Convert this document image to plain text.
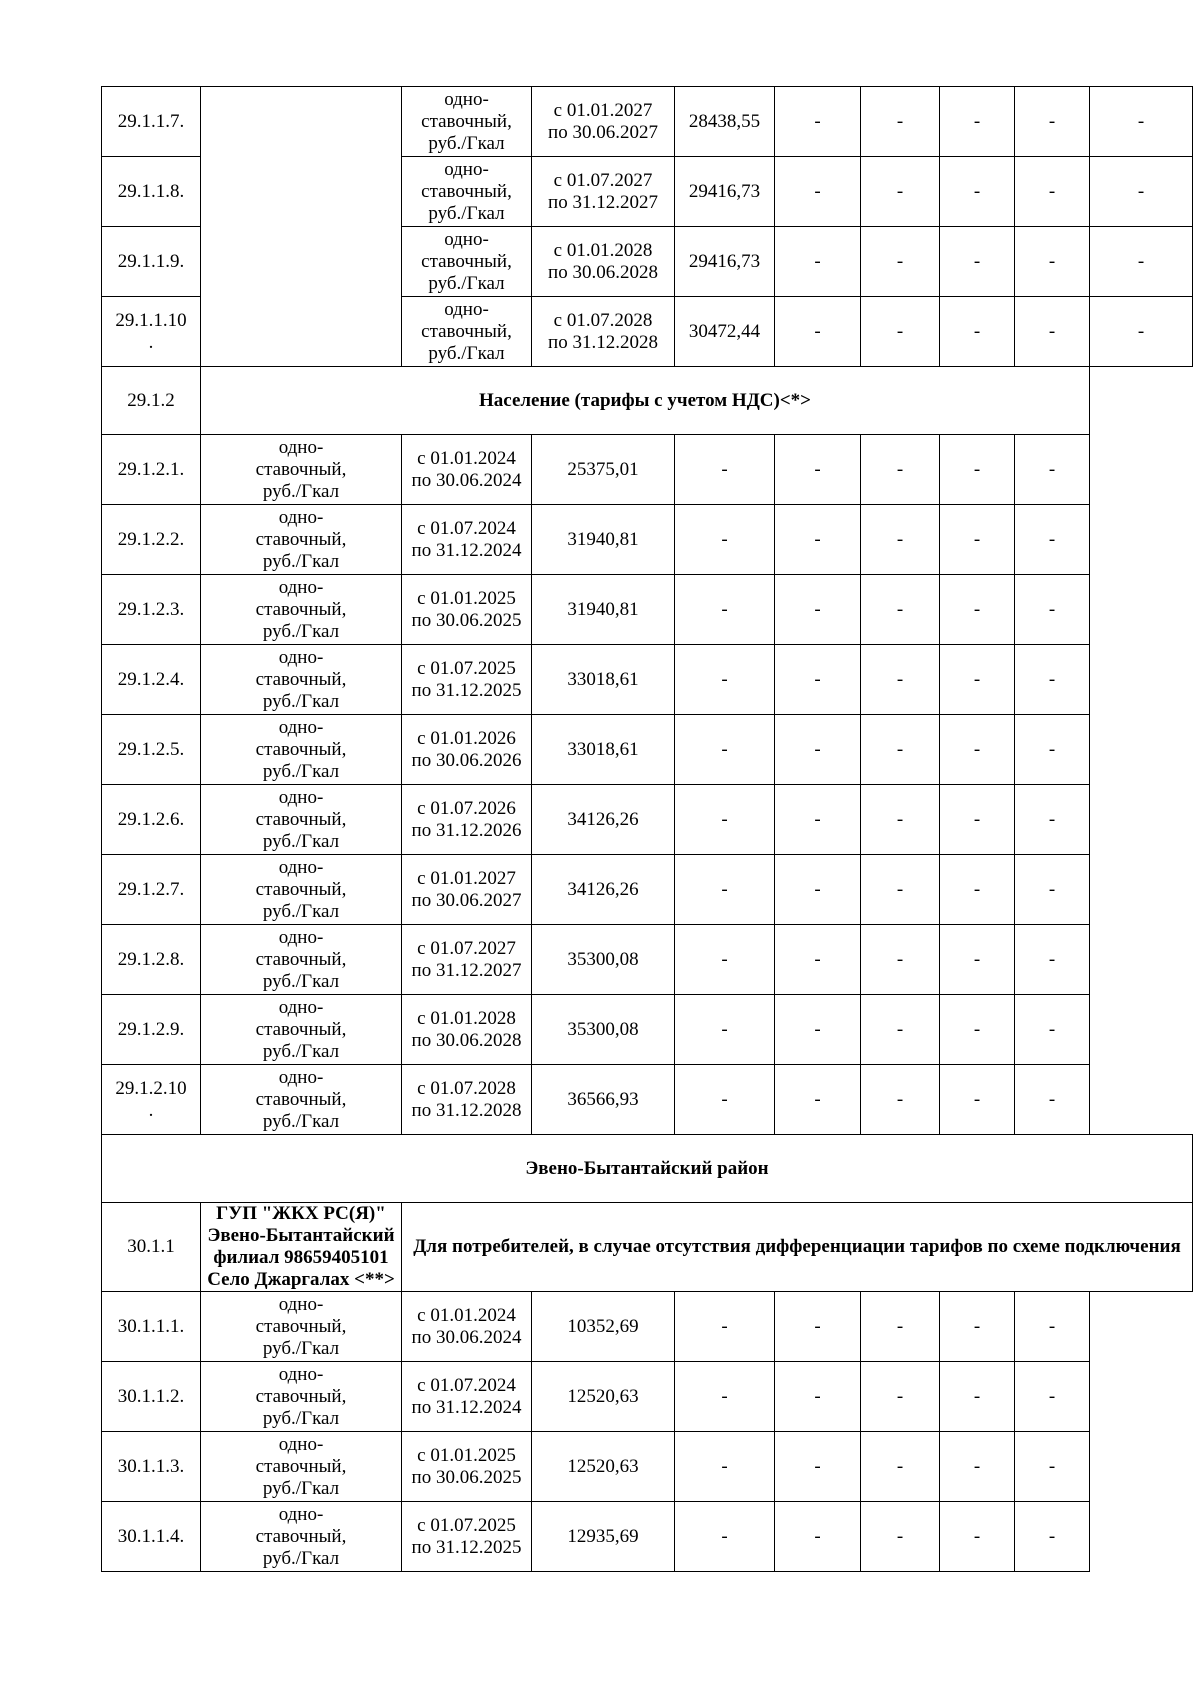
29.1.1.7.		одно-
ставочный,
руб./Гкал	с 01.01.2027
по 30.06.2027	28438,55	-	-	-	-	-
29.1.1.8.		одно-
ставочный,
руб./Гкал	с 01.07.2027
по 31.12.2027	29416,73	-	-	-	-	-
29.1.1.9.		одно-
ставочный,
руб./Гкал	с 01.01.2028
по 30.06.2028	29416,73	-	-	-	-	-
29.1.1.10
.		одно-
ставочный,
руб./Гкал	с 01.07.2028
по 31.12.2028	30472,44	-	-	-	-	-
29.1.2	Население (тарифы с учетом НДС)<*>								
29.1.2.1.	одно-
ставочный,
руб./Гкал	с 01.01.2024
по 30.06.2024	25375,01	-	-	-	-	-	
29.1.2.2.	одно-
ставочный,
руб./Гкал	с 01.07.2024
по 31.12.2024	31940,81	-	-	-	-	-	
29.1.2.3.	одно-
ставочный,
руб./Гкал	с 01.01.2025
по 30.06.2025	31940,81	-	-	-	-	-	
29.1.2.4.	одно-
ставочный,
руб./Гкал	с 01.07.2025
по 31.12.2025	33018,61	-	-	-	-	-	
29.1.2.5.	одно-
ставочный,
руб./Гкал	с 01.01.2026
по 30.06.2026	33018,61	-	-	-	-	-	
29.1.2.6.	одно-
ставочный,
руб./Гкал	с 01.07.2026
по 31.12.2026	34126,26	-	-	-	-	-	
29.1.2.7.	одно-
ставочный,
руб./Гкал	с 01.01.2027
по 30.06.2027	34126,26	-	-	-	-	-	
29.1.2.8.	одно-
ставочный,
руб./Гкал	с 01.07.2027
по 31.12.2027	35300,08	-	-	-	-	-	
29.1.2.9.	одно-
ставочный,
руб./Гкал	с 01.01.2028
по 30.06.2028	35300,08	-	-	-	-	-	
29.1.2.10
.	одно-
ставочный,
руб./Гкал	с 01.07.2028
по 31.12.2028	36566,93	-	-	-	-	-	
Эвено-Бытантайский район									
30.1.1	ГУП "ЖКХ РС(Я)" Эвено-Бытантайский филиал 98659405101 Село Джаргалах <**>	Для потребителей, в случае отсутствия дифференциации тарифов по схеме подключения							
30.1.1.1.	одно-
ставочный,
руб./Гкал	с 01.01.2024
по 30.06.2024	10352,69	-	-	-	-	-	
30.1.1.2.	одно-
ставочный,
руб./Гкал	с 01.07.2024
по 31.12.2024	12520,63	-	-	-	-	-	
30.1.1.3.	одно-
ставочный,
руб./Гкал	с 01.01.2025
по 30.06.2025	12520,63	-	-	-	-	-	
30.1.1.4.	одно-
ставочный,
руб./Гкал	с 01.07.2025
по 31.12.2025	12935,69	-	-	-	-	-	
